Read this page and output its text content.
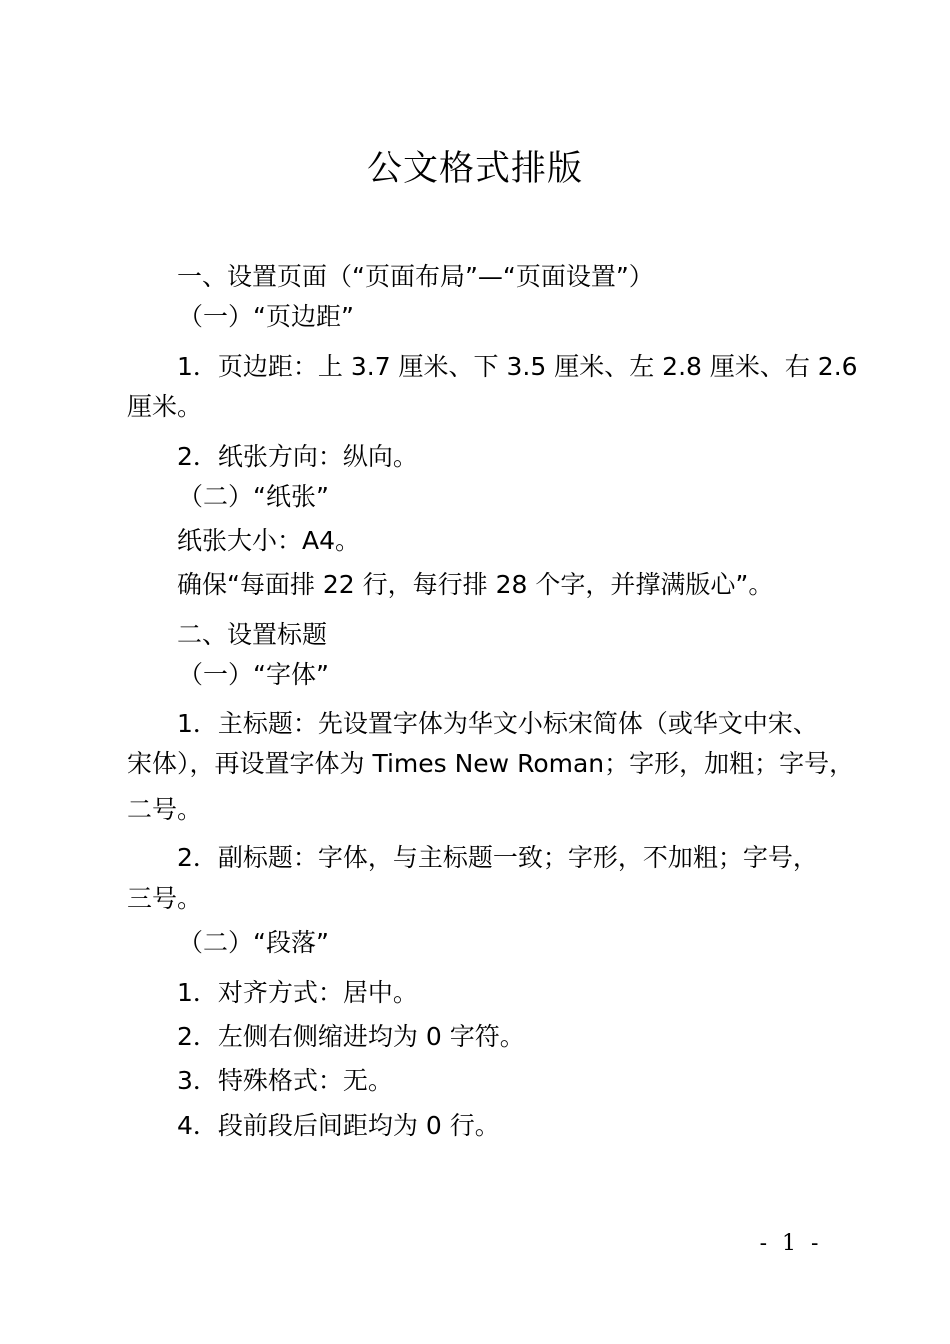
公文格式排版
一、设置页面（“页面布局”—“页面设置”）
（一）“页边距”
1．页边距：上 3.7 厘米、下 3.5 厘米、左 2.8 厘米、右 2.6
厘米。
2．纸张方向：纵向。
（二）“纸张”
纸张大小：A4。
确保“每面排 22 行，每行排 28 个字，并撑满版心”。
二、设置标题
（一）“字体”
1．主标题：先设置字体为华文小标宋简体（或华文中宋、
宋体），再设置字体为 Times New Roman；字形，加粗；字号，
二号。
2．副标题：字体，与主标题一致；字形，不加粗；字号，
三号。
（二）“段落”
1．对齐方式：居中。
2．左侧右侧缩进均为 0 字符。
3．特殊格式：无。
4．段前段后间距均为 0 行。
- 1 -
